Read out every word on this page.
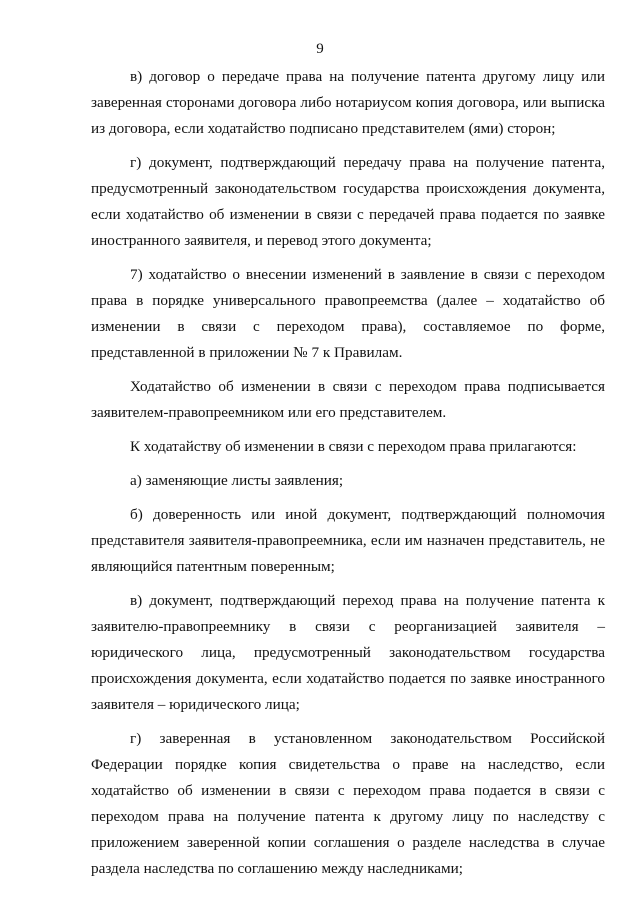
9

в) договор о передаче права на получение патента другому лицу или заверенная сторонами договора либо нотариусом копия договора, или выписка из договора, если ходатайство подписано представителем (ями) сторон;

г) документ, подтверждающий передачу права на получение патента, предусмотренный законодательством государства происхождения документа, если ходатайство об изменении в связи с передачей права подается по заявке иностранного заявителя, и перевод этого документа;

7) ходатайство о внесении изменений в заявление в связи с переходом права в порядке универсального правопреемства (далее – ходатайство об изменении в связи с переходом права), составляемое по форме, представленной в приложении № 7 к Правилам.

Ходатайство об изменении в связи с переходом права подписывается заявителем-правопреемником или его представителем.

К ходатайству об изменении в связи с переходом права прилагаются:

а) заменяющие листы заявления;

б) доверенность или иной документ, подтверждающий полномочия представителя заявителя-правопреемника, если им назначен представитель, не являющийся патентным поверенным;

в) документ, подтверждающий переход права на получение патента к заявителю-правопреемнику в связи с реорганизацией заявителя – юридического лица, предусмотренный законодательством государства происхождения документа, если ходатайство подается по заявке иностранного заявителя – юридического лица;

г) заверенная в установленном законодательством Российской Федерации порядке копия свидетельства о праве на наследство, если ходатайство об изменении в связи с переходом права подается в связи с переходом права на получение патента к другому лицу по наследству с приложением заверенной копии соглашения о разделе наследства в случае раздела наследства по соглашению между наследниками;
